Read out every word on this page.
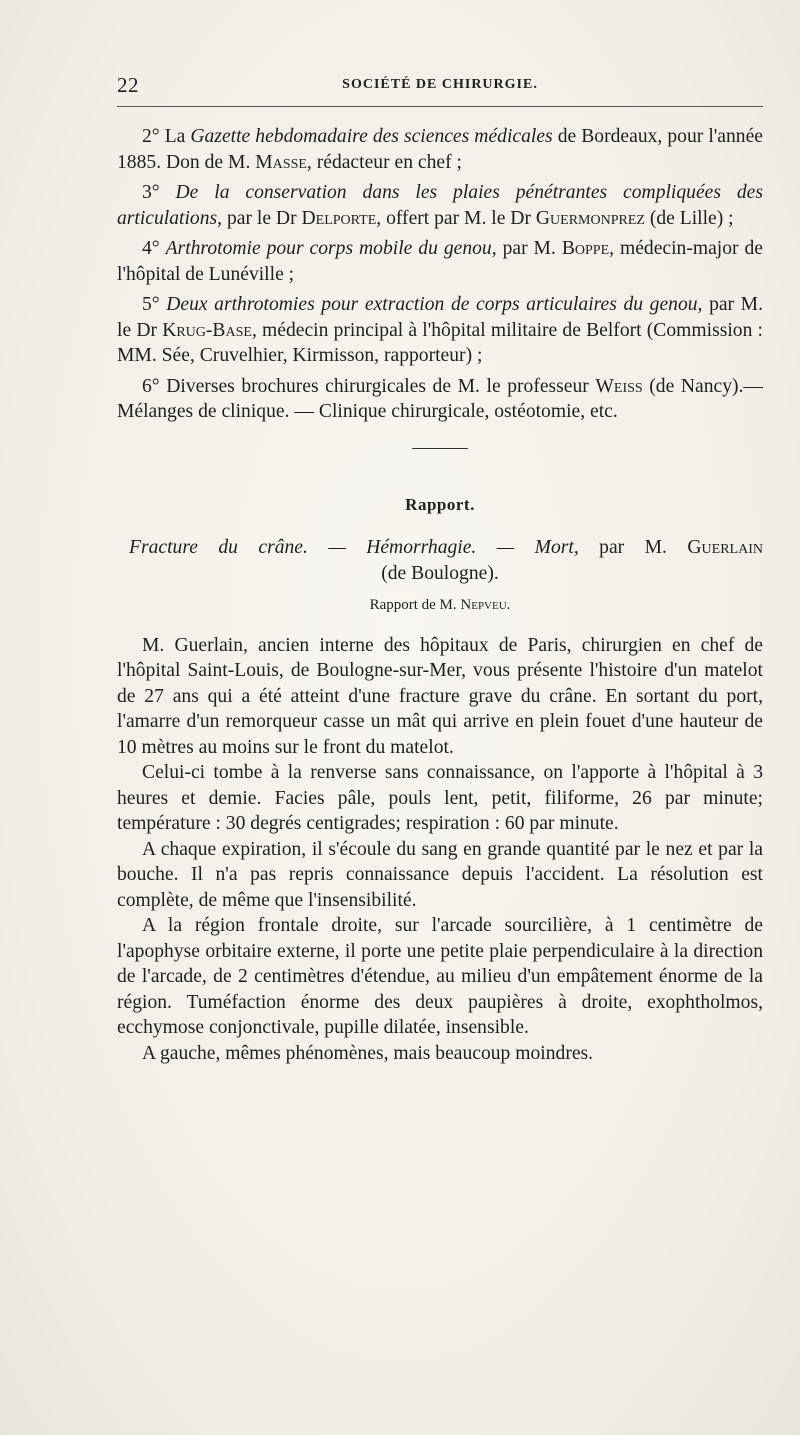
22	SOCIÉTÉ DE CHIRURGIE.

2° La Gazette hebdomadaire des sciences médicales de Bordeaux, pour l'année 1885. Don de M. Masse, rédacteur en chef ;

3° De la conservation dans les plaies pénétrantes compliquées des articulations, par le Dr Delporte, offert par M. le Dr Guermonprez (de Lille) ;

4° Arthrotomie pour corps mobile du genou, par M. Boppe, médecin-major de l'hôpital de Lunéville ;

5° Deux arthrotomies pour extraction de corps articulaires du genou, par M. le Dr Krug-Base, médecin principal à l'hôpital militaire de Belfort (Commission : MM. Sée, Cruvelhier, Kirmisson, rapporteur) ;

6° Diverses brochures chirurgicales de M. le professeur Weiss (de Nancy).—Mélanges de clinique. — Clinique chirurgicale, ostéotomie, etc.

Rapport.

Fracture du crâne. — Hémorrhagie. — Mort, par M. Guerlain
(de Boulogne).

Rapport de M. Nepveu.

M. Guerlain, ancien interne des hôpitaux de Paris, chirurgien en chef de l'hôpital Saint-Louis, de Boulogne-sur-Mer, vous présente l'histoire d'un matelot de 27 ans qui a été atteint d'une fracture grave du crâne. En sortant du port, l'amarre d'un remorqueur casse un mât qui arrive en plein fouet d'une hauteur de 10 mètres au moins sur le front du matelot.

Celui-ci tombe à la renverse sans connaissance, on l'apporte à l'hôpital à 3 heures et demie. Facies pâle, pouls lent, petit, filiforme, 26 par minute; température : 30 degrés centigrades; respiration : 60 par minute.

A chaque expiration, il s'écoule du sang en grande quantité par le nez et par la bouche. Il n'a pas repris connaissance depuis l'accident. La résolution est complète, de même que l'insensibilité.

A la région frontale droite, sur l'arcade sourcilière, à 1 centimètre de l'apophyse orbitaire externe, il porte une petite plaie perpendiculaire à la direction de l'arcade, de 2 centimètres d'étendue, au milieu d'un empâtement énorme de la région. Tuméfaction énorme des deux paupières à droite, exophtholmos, ecchymose conjonctivale, pupille dilatée, insensible.

A gauche, mêmes phénomènes, mais beaucoup moindres.
